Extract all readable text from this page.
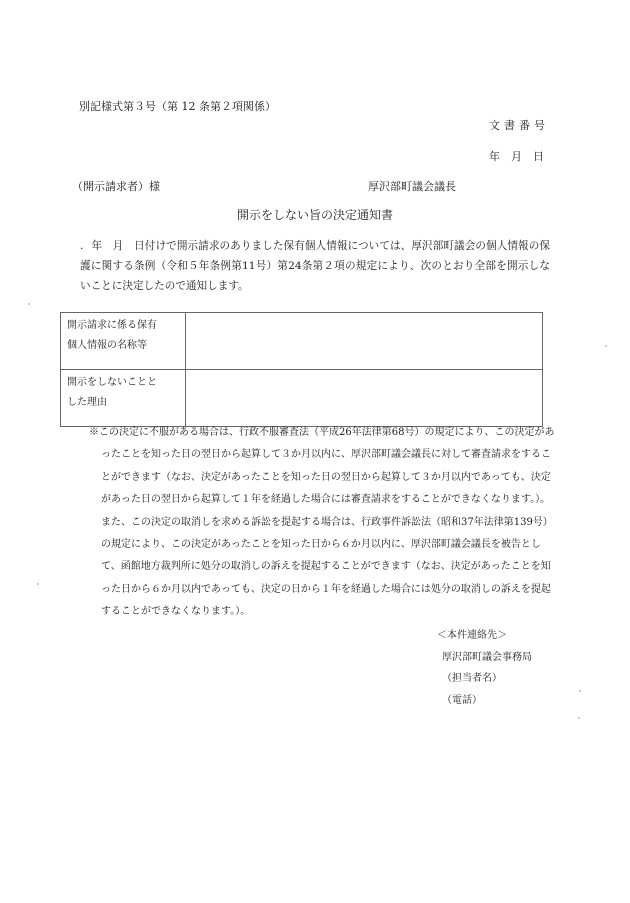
別記様式第３号（第 12 条第２項関係）
文書番号
年 月 日
（開示請求者）様	厚沢部町議会議長
開示をしない旨の決定通知書
. 年　月　日付けで開示請求のありました保有個人情報については、厚沢部町議会の個人情報の保護に関する条例（令和５年条例第11号）第24条第２項の規定により、次のとおり全部を開示しないことに決定したので通知します。
開示請求に係る保有
個人情報の名称等	

開示をしないことと
した理由	

※この決定に不服がある場合は、行政不服審査法（平成26年法律第68号）の規定により、この決定があったことを知った日の翌日から起算して３か月以内に、厚沢部町議会議長に対して審査請求をすることができます（なお、決定があったことを知った日の翌日から起算して３か月以内であっても、決定があった日の翌日から起算して１年を経過した場合には審査請求をすることができなくなります。）。

また、この決定の取消しを求める訴訟を提起する場合は、行政事件訴訟法（昭和37年法律第139号）の規定により、この決定があったことを知った日から６か月以内に、厚沢部町議会議長を被告として、函館地方裁判所に処分の取消しの訴えを提起することができます（なお、決定があったことを知った日から６か月以内であっても、決定の日から１年を経過した場合には処分の取消しの訴えを提起することができなくなります。）。

＜本件連絡先＞
厚沢部町議会事務局
（担当者名）
（電話）
